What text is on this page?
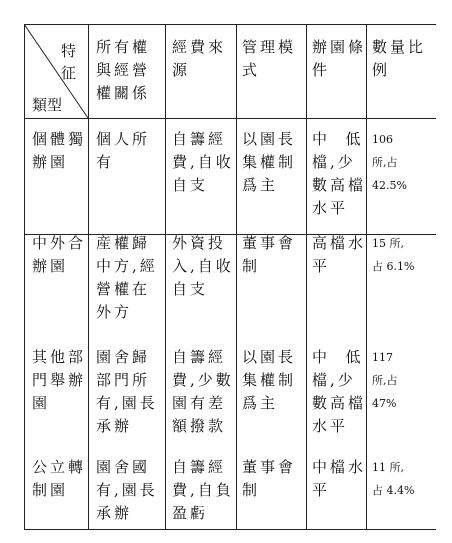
特
征
類型
所有權
與經營
權關係
經費來
源
管理模
式
辦園條
件
數量比
例
個體獨
辦園
個人所
有
自籌經
費,自收
自支
以園長
集權制
爲主
中  低
檔,少
數高檔
水平
106
所,占
42.5%
中外合
辦園
産權歸
中方,經
營權在
外方
外資投
入,自收
自支
董事會
制
高檔水
平
15 所,
占 6.1%
其他部
門舉辦
園
園舍歸
部門所
有,園長
承辦
自籌經
費,少數
園有差
額撥款
以園長
集權制
爲主
中  低
檔,少
數高檔
水平
117
所,占
47%
公立轉
制園
園舍國
有,園長
承辦
自籌經
費,自負
盈虧
董事會
制
中檔水
平
11 所,
占 4.4%
